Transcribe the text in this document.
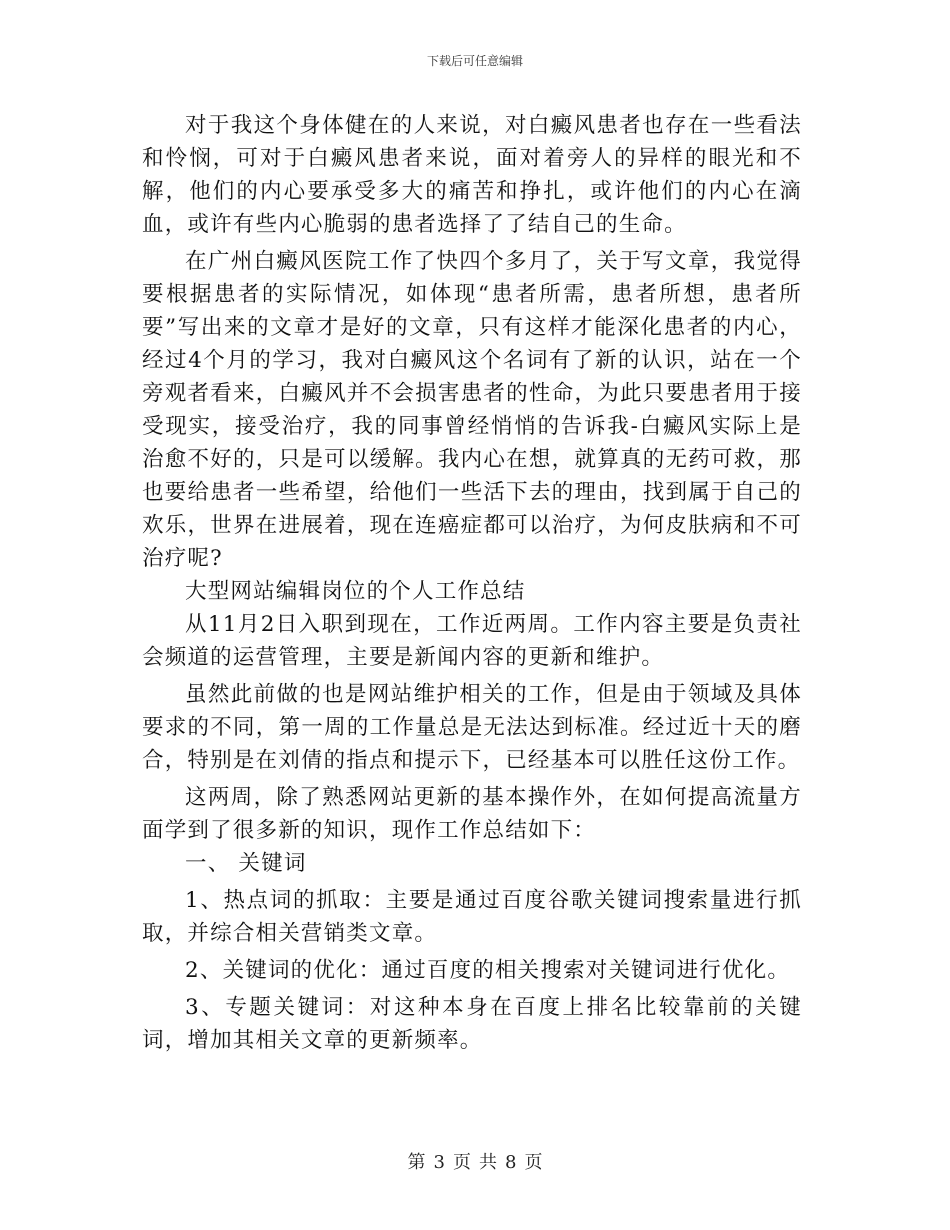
下载后可任意编辑

对于我这个身体健在的人来说，对白癜风患者也存在一些看法和怜悯，可对于白癜风患者来说，面对着旁人的异样的眼光和不解，他们的内心要承受多大的痛苦和挣扎，或许他们的内心在滴血，或许有些内心脆弱的患者选择了了结自己的生命。

在广州白癜风医院工作了快四个多月了，关于写文章，我觉得要根据患者的实际情况，如体现“患者所需，患者所想，患者所要”写出来的文章才是好的文章，只有这样才能深化患者的内心，经过4个月的学习，我对白癜风这个名词有了新的认识，站在一个旁观者看来，白癜风并不会损害患者的性命，为此只要患者用于接受现实，接受治疗，我的同事曾经悄悄的告诉我-白癜风实际上是治愈不好的，只是可以缓解。我内心在想，就算真的无药可救，那也要给患者一些希望，给他们一些活下去的理由，找到属于自己的欢乐，世界在进展着，现在连癌症都可以治疗，为何皮肤病和不可治疗呢?

大型网站编辑岗位的个人工作总结

从11月2日入职到现在，工作近两周。工作内容主要是负责社会频道的运营管理，主要是新闻内容的更新和维护。

虽然此前做的也是网站维护相关的工作，但是由于领域及具体要求的不同，第一周的工作量总是无法达到标准。经过近十天的磨合，特别是在刘倩的指点和提示下，已经基本可以胜任这份工作。

这两周，除了熟悉网站更新的基本操作外，在如何提高流量方面学到了很多新的知识，现作工作总结如下：

一、 关键词

1、热点词的抓取：主要是通过百度谷歌关键词搜索量进行抓取，并综合相关营销类文章。

2、关键词的优化：通过百度的相关搜索对关键词进行优化。

3、专题关键词：对这种本身在百度上排名比较靠前的关键词，增加其相关文章的更新频率。

第 3 页 共 8 页
